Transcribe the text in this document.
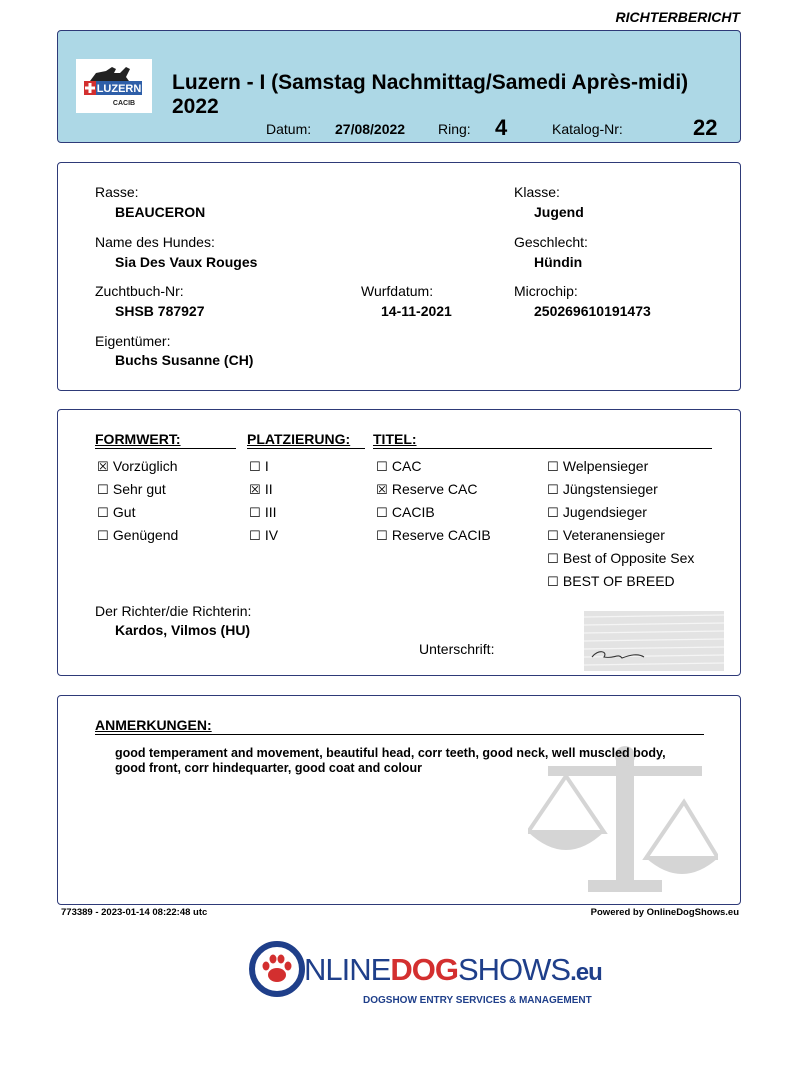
RICHTERBERICHT
LUZERN
CACIB
Luzern - I (Samstag Nachmittag/Samedi Après-midi) 2022
Datum: 27/08/2022 Ring: 4	Katalog-Nr:	22
Rasse:
BEAUCERON
Klasse:
Jugend
Name des Hundes:
Sia Des Vaux Rouges
Geschlecht:
Hündin
Zuchtbuch-Nr:
SHSB 787927
Wurfdatum:
14-11-2021
Microchip:
250269610191473
Eigentümer:
Buchs Susanne (CH)
FORMWERT:	PLATZIERUNG: TITEL:
☒ Vorzüglich
☐ Sehr gut
☐ Gut
☐ Genügend
☐ I
☒ II
☐ III
☐ IV
☐ CAC
☒ Reserve CAC
☐ CACIB
☐ Reserve CACIB
☐ Welpensieger
☐ Jüngstensieger
☐ Jugendsieger
☐ Veteranensieger
☐ Best of Opposite Sex
☐ BEST OF BREED
Der Richter/die Richterin:
Kardos, Vilmos (HU)
Unterschrift:
ANMERKUNGEN:
good temperament and movement, beautiful head, corr teeth, good neck, well muscled body, good front, corr hindequarter, good coat and colour
773389 - 2023-01-14 08:22:48 utc	Powered by OnlineDogShows.eu
NLINEDOGSHOWS.eu
DOGSHOW ENTRY SERVICES & MANAGEMENT
